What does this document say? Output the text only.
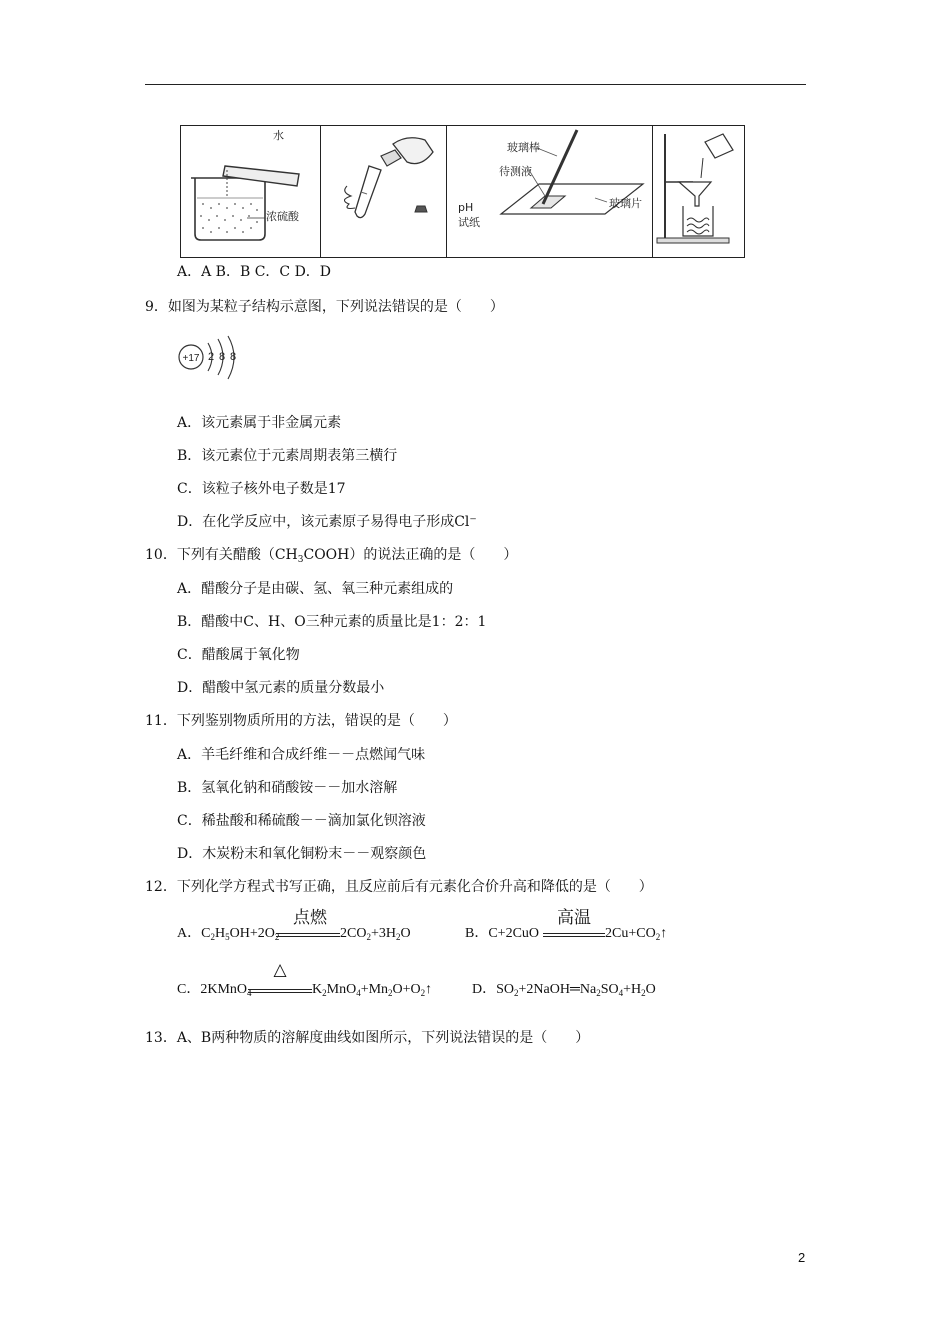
水
浓硫酸
玻璃棒
待测液
pH
试纸
玻璃片
A．A B．B C．C D．D
9．如图为某粒子结构示意图，下列说法错误的是（　　）
+17 2 8 8
A．该元素属于非金属元素
B．该元素位于元素周期表第三横行
C．该粒子核外电子数是17
D．在化学反应中，该元素原子易得电子形成Cl⁻
10．下列有关醋酸$(CH_3COOH)$的说法正确的是（　　）
A．醋酸分子是由碳、氢、氧三种元素组成的
B．醋酸中C、H、O三种元素的质量比是1：2：1
C．醋酸属于氧化物
D．醋酸中氢元素的质量分数最小
11．下列鉴别物质所用的方法，错误的是（　　）
A．羊毛纤维和合成纤维－－点燃闻气味
B．氢氧化钠和硝酸铵－－加水溶解
C．稀盐酸和稀硫酸－－滴加氯化钡溶液
D．木炭粉末和氧化铜粉末－－观察颜色
12．下列化学方程式书写正确，且反应前后有元素化合价升高和降低的是（　　）
A．$C_2H_5OH+2O_2$
点燃
$2CO_2+3H_2O$	B．C+2CuO
高温
$2Cu+CO_2↑$
C．2KMnO$_4$
△
$K_2MnO_4+Mn_2O+O_2↑$	D．$SO_2+2NaOH═Na_2SO_4+H_2O$
13．A、B两种物质的溶解度曲线如图所示，下列说法错误的是（　　）
2
